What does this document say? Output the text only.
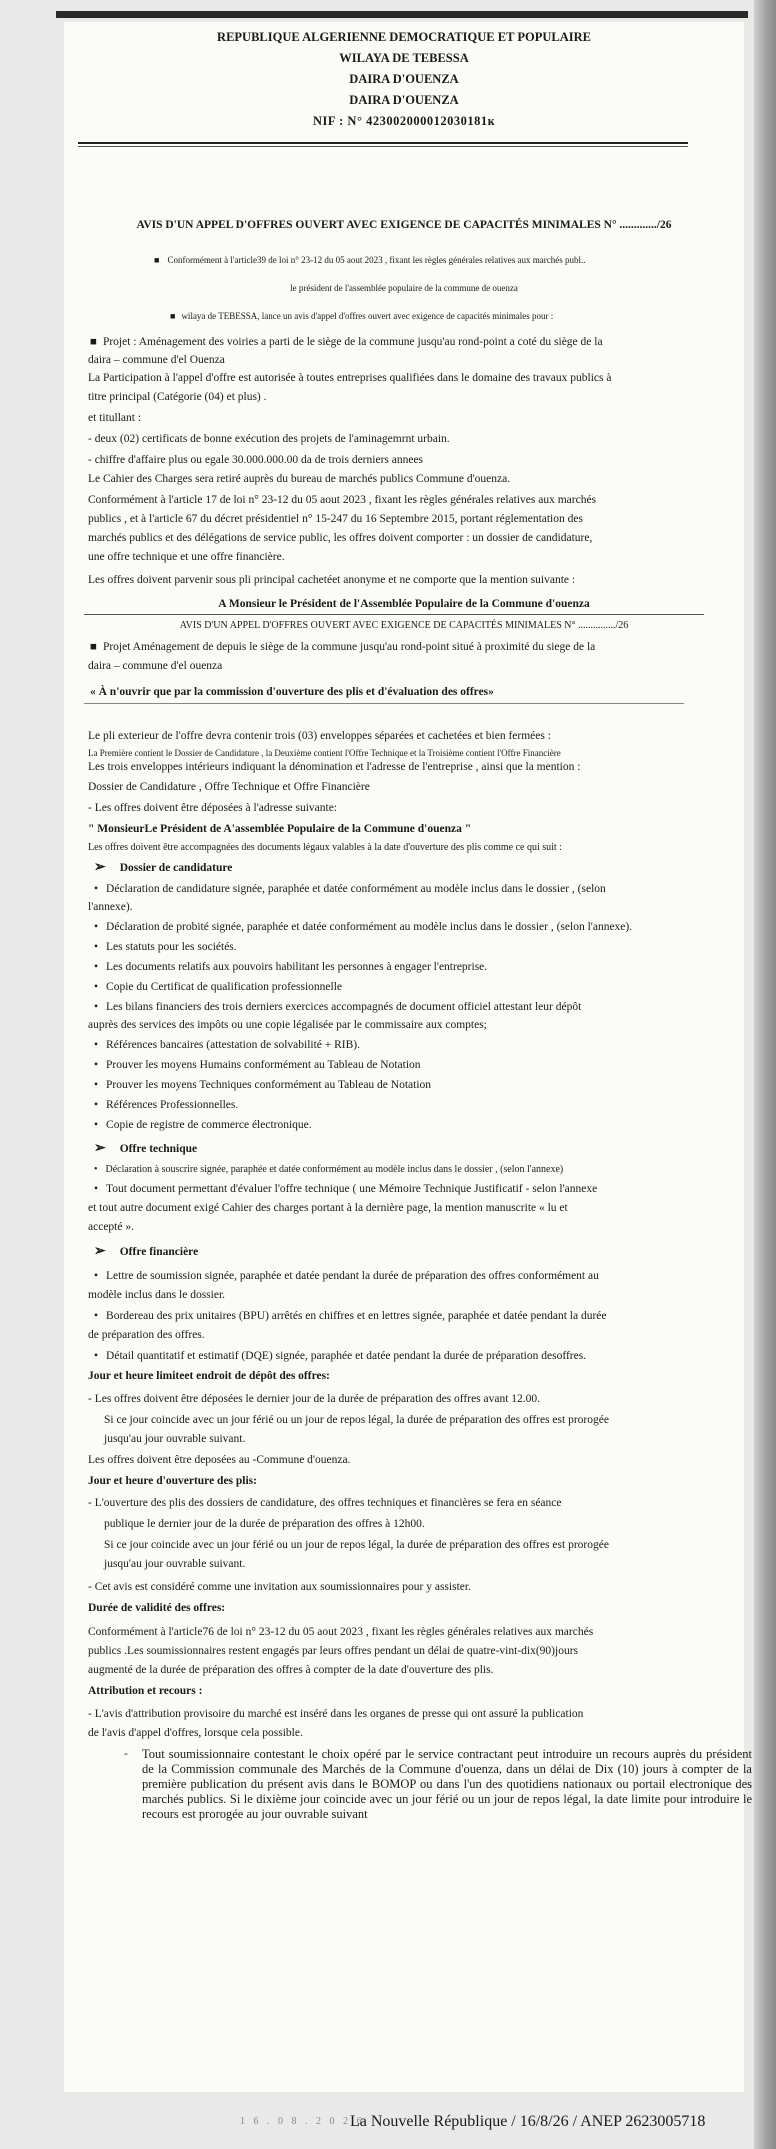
REPUBLIQUE ALGERIENNE DEMOCRATIQUE ET POPULAIRE
WILAYA DE TEBESSA
DAIRA D'OUENZA
DAIRA D'OUENZA
NIF : N° 423002000012030181ĸ
AVIS D'UN APPEL D'OFFRES OUVERT AVEC EXIGENCE DE CAPACITÉS MINIMALES N° ............./26
■ Conformément à l'article39 de loi n° 23-12 du 05 aout 2023 , fixant les règles générales relatives aux marchés publ..
le président de l'assemblée populaire de la commune de ouenza
■ wilaya de TEBESSA, lance un avis d'appel d'offres ouvert avec exigence de capacités minimales pour :
■ Projet : Aménagement des voiries a parti de le siège de la commune jusqu'au rond-point a coté du siège de la
daira – commune d'el Ouenza
La Participation à l'appel d'offre est autorisée à toutes entreprises qualifiées dans le domaine des travaux publics à
titre principal (Catégorie (04) et plus) .
et titullant :
- deux (02) certificats de bonne exécution des projets de l'aminagemrnt urbain.
- chiffre d'affaire plus ou egale 30.000.000.00 da de trois derniers annees
Le Cahier des Charges sera retiré auprès du bureau de marchés publics Commune d'ouenza.
Conformément à l'article 17 de loi n° 23-12 du 05 aout 2023 , fixant les règles générales relatives aux marchés
publics , et à l'article 67 du décret présidentiel n° 15-247 du 16 Septembre 2015, portant réglementation des
marchés publics et des délégations de service public, les offres doivent comporter : un dossier de candidature,
une offre technique et une offre financière.
Les offres doivent parvenir sous pli principal cachetéet anonyme et ne comporte que la mention suivante :
A Monsieur le Président de l'Assemblée Populaire de la Commune d'ouenza
AVIS D'UN APPEL D'OFFRES OUVERT AVEC EXIGENCE DE CAPACITÉS MINIMALES N° .............../26
■ Projet Aménagement de depuis le siège de la commune jusqu'au rond-point situé à proximité du siege de la
daira – commune d'el ouenza
« À n'ouvrir que par la commission d'ouverture des plis et d'évaluation des offres»
Le pli exterieur de l'offre devra contenir trois (03) enveloppes séparées et cachetées et bien fermées :
La Première contient le Dossier de Candidature , la Deuxième contient l'Offre Technique et la Troisième contient l'Offre Financière
Les trois enveloppes intérieurs indiquant la dénomination et l'adresse de l'entreprise , ainsi que la mention :
Dossier de Candidature , Offre Technique et Offre Financière
- Les offres doivent être déposées à l'adresse suivante:
" MonsieurLe Président de A'assemblée Populaire de la Commune d'ouenza "
Les offres doivent être accompagnées des documents légaux valables à la date d'ouverture des plis comme ce qui suit :
➢ Dossier de candidature
• Déclaration de candidature signée, paraphée et datée conformément au modèle inclus dans le dossier , (selon
l'annexe).
• Déclaration de probité signée, paraphée et datée conformément au modèle inclus dans le dossier , (selon l'annexe).
• Les statuts pour les sociétés.
• Les documents relatifs aux pouvoirs habilitant les personnes à engager l'entreprise.
• Copie du Certificat de qualification professionnelle
• Les bilans financiers des trois derniers exercices accompagnés de document officiel attestant leur dépôt
auprès des services des impôts ou une copie légalisée par le commissaire aux comptes;
• Références bancaires (attestation de solvabilité + RIB).
• Prouver les moyens Humains conformément au Tableau de Notation
• Prouver les moyens Techniques conformément au Tableau de Notation
• Références Professionnelles.
• Copie de registre de commerce électronique.
➢ Offre technique
• Déclaration à souscrire signée, paraphée et datée conformément au modèle inclus dans le dossier , (selon l'annexe)
• Tout document permettant d'évaluer l'offre technique ( une Mémoire Technique Justificatif - selon l'annexe
et tout autre document exigé Cahier des charges portant à la dernière page, la mention manuscrite « lu et
accepté ».
➢ Offre financière
• Lettre de soumission signée, paraphée et datée pendant la durée de préparation des offres conformément au
modèle inclus dans le dossier.
• Bordereau des prix unitaires (BPU) arrêtés en chiffres et en lettres signée, paraphée et datée pendant la durée
de préparation des offres.
• Détail quantitatif et estimatif (DQE) signée, paraphée et datée pendant la durée de préparation desoffres.
Jour et heure limiteet endroit de dépôt des offres:
- Les offres doivent être déposées le dernier jour de la durée de préparation des offres avant 12.00.
Si ce jour coincide avec un jour férié ou un jour de repos légal, la durée de préparation des offres est prorogée
jusqu'au jour ouvrable suivant.
Les offres doivent être deposées au -Commune d'ouenza.
Jour et heure d'ouverture des plis:
- L'ouverture des plis des dossiers de candidature, des offres techniques et financières se fera en séance
publique le dernier jour de la durée de préparation des offres à 12h00.
Si ce jour coincide avec un jour férié ou un jour de repos légal, la durée de préparation des offres est prorogée
jusqu'au jour ouvrable suivant.
- Cet avis est considéré comme une invitation aux soumissionnaires pour y assister.
Durée de validité des offres:
Conformément à l'article76 de loi n° 23-12 du 05 aout 2023 , fixant les règles générales relatives aux marchés
publics .Les soumissionnaires restent engagés par leurs offres pendant un délai de quatre-vint-dix(90)jours
augmenté de la durée de préparation des offres à compter de la date d'ouverture des plis.
Attribution et recours :
- L'avis d'attribution provisoire du marché est inséré dans les organes de presse qui ont assuré la publication
de l'avis d'appel d'offres, lorsque cela possible.
-	Tout soumissionnaire contestant le choix opéré par le service contractant peut introduire un recours auprès du président de la Commission communale des Marchés de la Commune d'ouenza, dans un délai de Dix (10) jours à compter de la première publication du présent avis dans le BOMOP ou dans l'un des quotidiens nationaux ou portail electronique des marchés publics. Si le dixième jour coincide avec un jour férié ou un jour de repos légal, la date limite pour introduire le recours est prorogée au jour ouvrable suivant
1 6 . 0 8 . 2 0 2 6
La Nouvelle République / 16/8/26 / ANEP 2623005718
